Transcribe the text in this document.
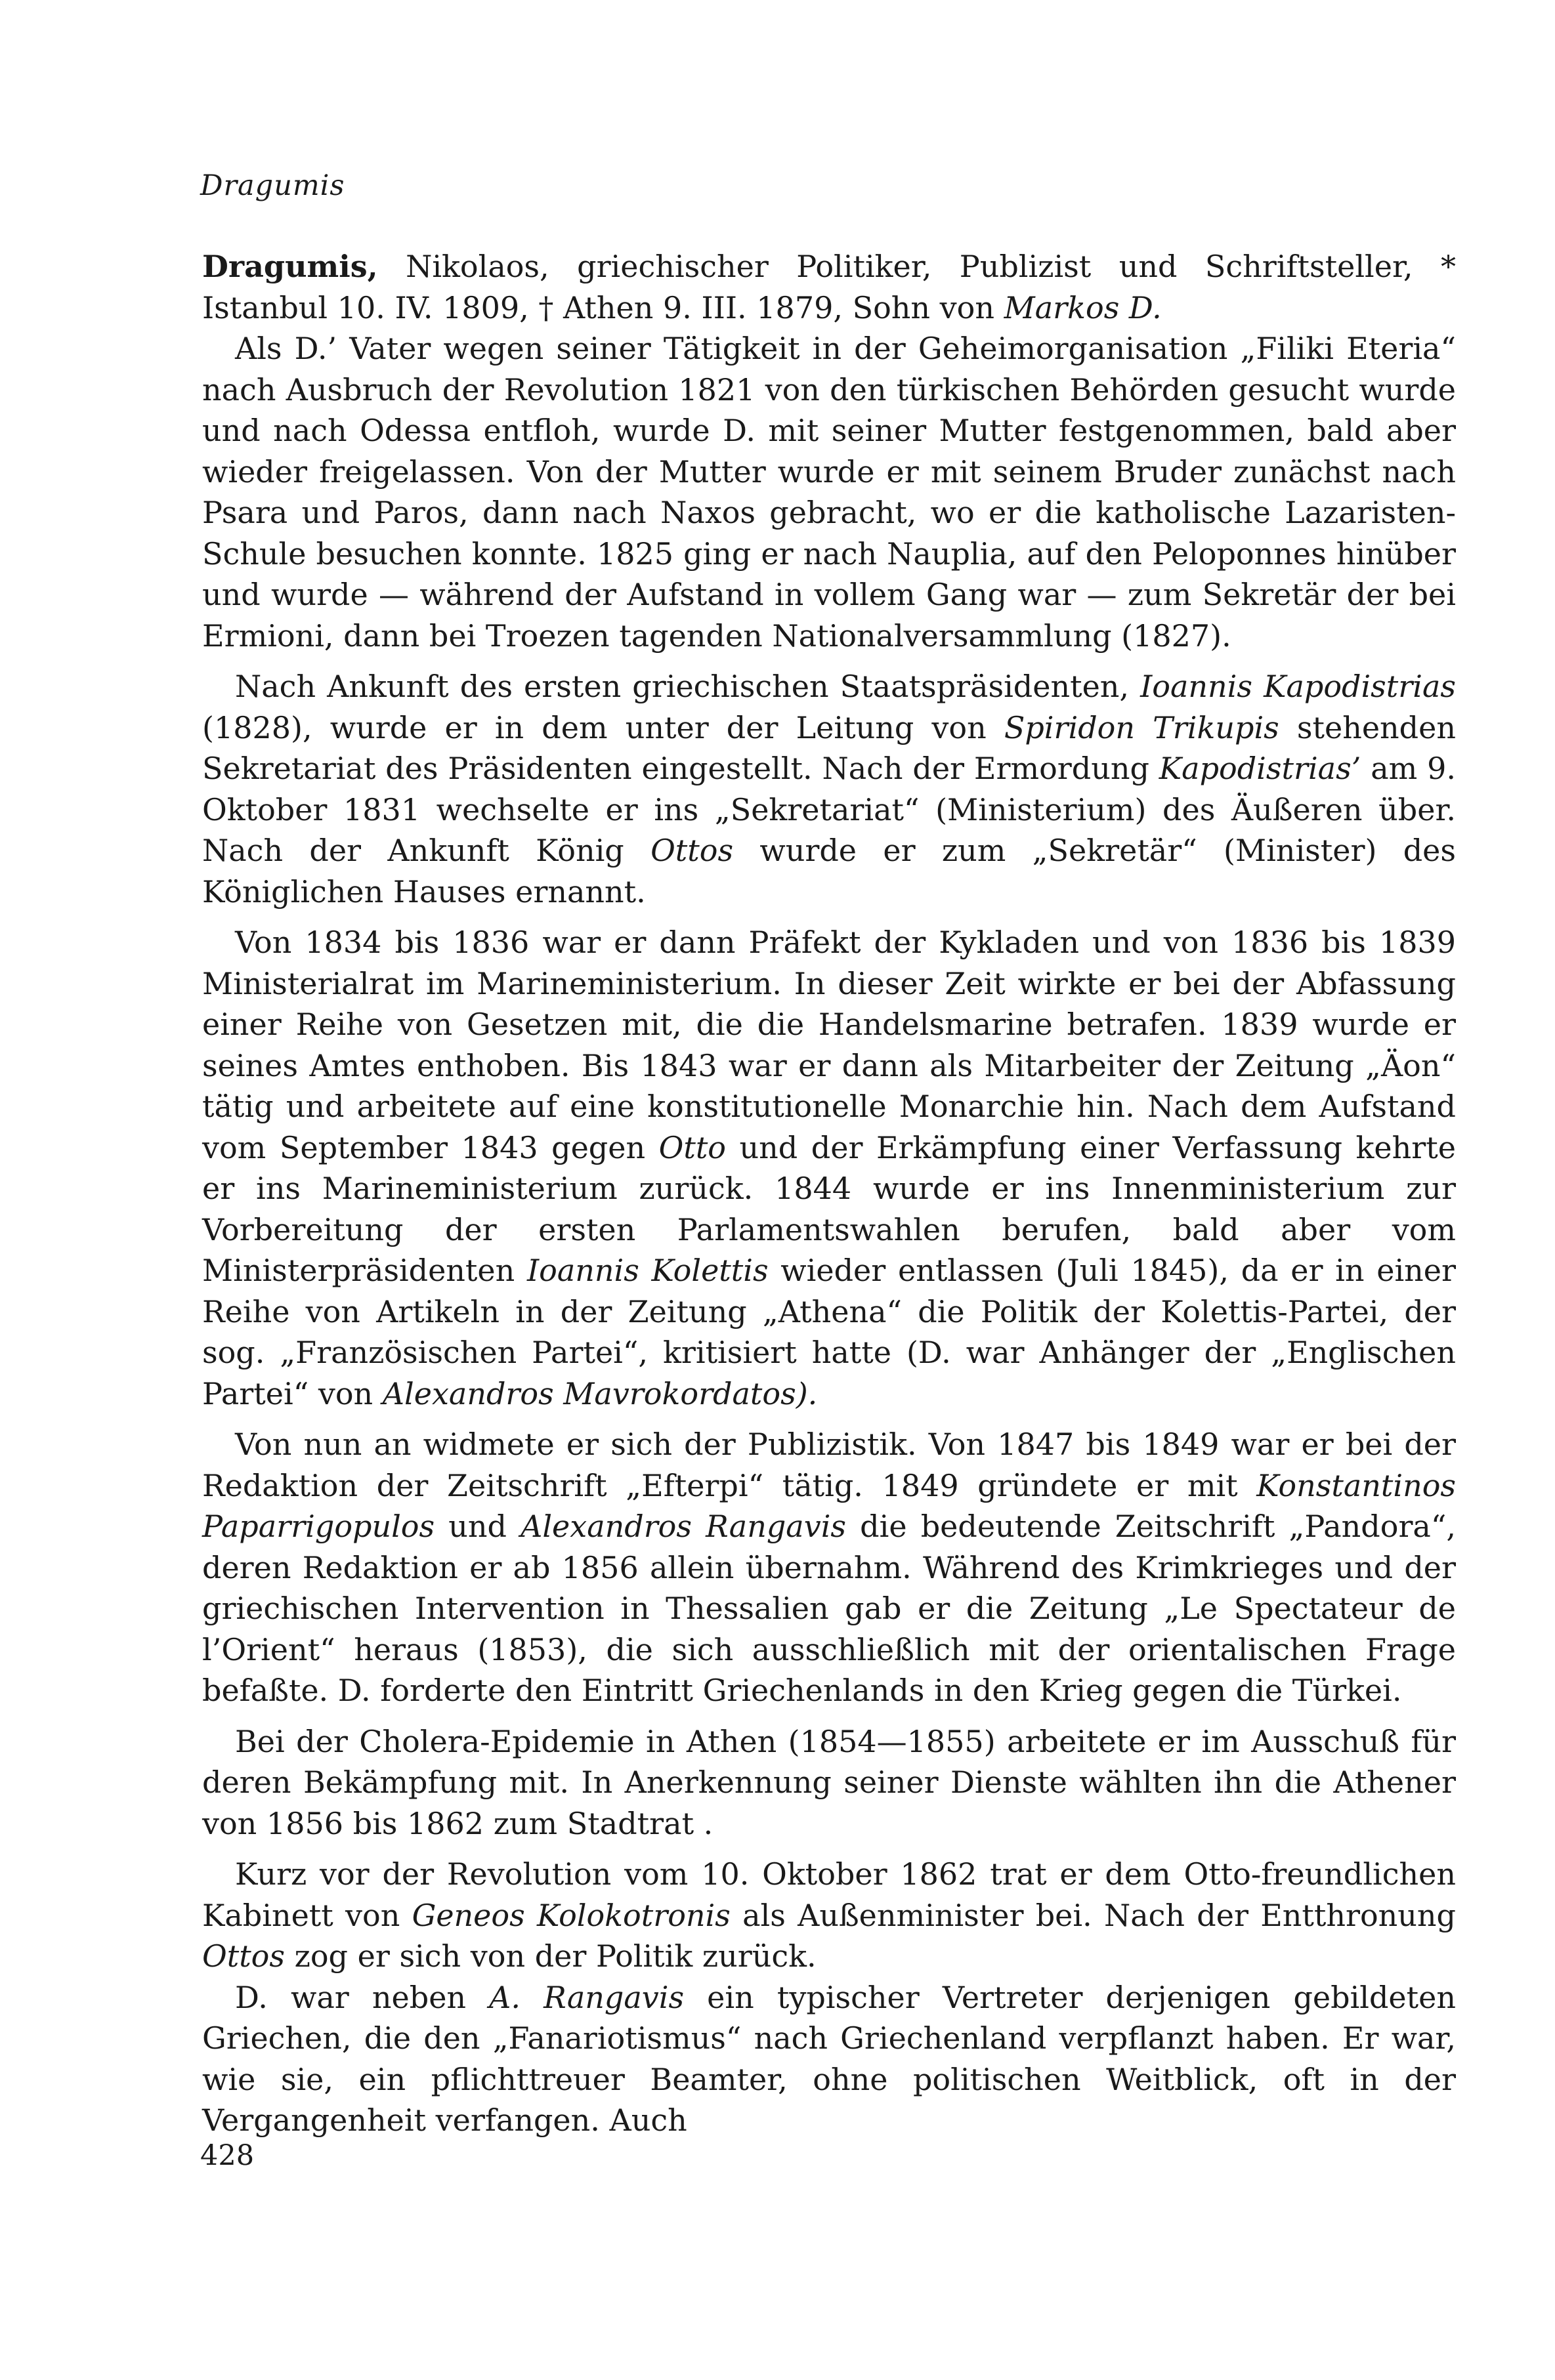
Dragumis

Dragumis, Nikolaos, griechischer Politiker, Publizist und Schriftsteller, * Istanbul 10. IV. 1809, † Athen 9. III. 1879, Sohn von Markos D.

Als D.’ Vater wegen seiner Tätigkeit in der Geheimorganisation „Filiki Eteria“ nach Ausbruch der Revolution 1821 von den türkischen Behörden gesucht wurde und nach Odessa entfloh, wurde D. mit seiner Mutter festgenommen, bald aber wieder freigelassen. Von der Mutter wurde er mit seinem Bruder zunächst nach Psara und Paros, dann nach Naxos gebracht, wo er die katholische Lazaristen-Schule besuchen konnte. 1825 ging er nach Nauplia, auf den Peloponnes hinüber und wurde — während der Aufstand in vollem Gang war — zum Sekretär der bei Ermioni, dann bei Troezen tagenden Nationalversammlung (1827).

Nach Ankunft des ersten griechischen Staatspräsidenten, Ioannis Kapodistrias (1828), wurde er in dem unter der Leitung von Spiridon Trikupis stehenden Sekretariat des Präsidenten eingestellt. Nach der Ermordung Kapodistrias’ am 9. Oktober 1831 wechselte er ins „Sekretariat“ (Ministerium) des Äußeren über. Nach der Ankunft König Ottos wurde er zum „Sekretär“ (Minister) des Königlichen Hauses ernannt.

Von 1834 bis 1836 war er dann Präfekt der Kykladen und von 1836 bis 1839 Ministerialrat im Marineministerium. In dieser Zeit wirkte er bei der Abfassung einer Reihe von Gesetzen mit, die die Handelsmarine betrafen. 1839 wurde er seines Amtes enthoben. Bis 1843 war er dann als Mitarbeiter der Zeitung „Äon“ tätig und arbeitete auf eine konstitutionelle Monarchie hin. Nach dem Aufstand vom September 1843 gegen Otto und der Erkämpfung einer Verfassung kehrte er ins Marineministerium zurück. 1844 wurde er ins Innenministerium zur Vorbereitung der ersten Parlamentswahlen berufen, bald aber vom Ministerpräsidenten Ioannis Kolettis wieder entlassen (Juli 1845), da er in einer Reihe von Artikeln in der Zeitung „Athena“ die Politik der Kolettis-Partei, der sog. „Französischen Partei“, kritisiert hatte (D. war Anhänger der „Englischen Partei“ von Alexandros Mavrokordatos).

Von nun an widmete er sich der Publizistik. Von 1847 bis 1849 war er bei der Redaktion der Zeitschrift „Efterpi“ tätig. 1849 gründete er mit Konstantinos Paparrigopulos und Alexandros Rangavis die bedeutende Zeitschrift „Pandora“, deren Redaktion er ab 1856 allein übernahm. Während des Krimkrieges und der griechischen Intervention in Thessalien gab er die Zeitung „Le Spectateur de l’Orient“ heraus (1853), die sich ausschließlich mit der orientalischen Frage befaßte. D. forderte den Eintritt Griechenlands in den Krieg gegen die Türkei.

Bei der Cholera-Epidemie in Athen (1854—1855) arbeitete er im Ausschuß für deren Bekämpfung mit. In Anerkennung seiner Dienste wählten ihn die Athener von 1856 bis 1862 zum Stadtrat .

Kurz vor der Revolution vom 10. Oktober 1862 trat er dem Otto-freundlichen Kabinett von Geneos Kolokotronis als Außenminister bei. Nach der Entthronung Ottos zog er sich von der Politik zurück.

D. war neben A. Rangavis ein typischer Vertreter derjenigen gebildeten Griechen, die den „Fanariotismus“ nach Griechenland verpflanzt haben. Er war, wie sie, ein pflichttreuer Beamter, ohne politischen Weitblick, oft in der Vergangenheit verfangen. Auch

428
